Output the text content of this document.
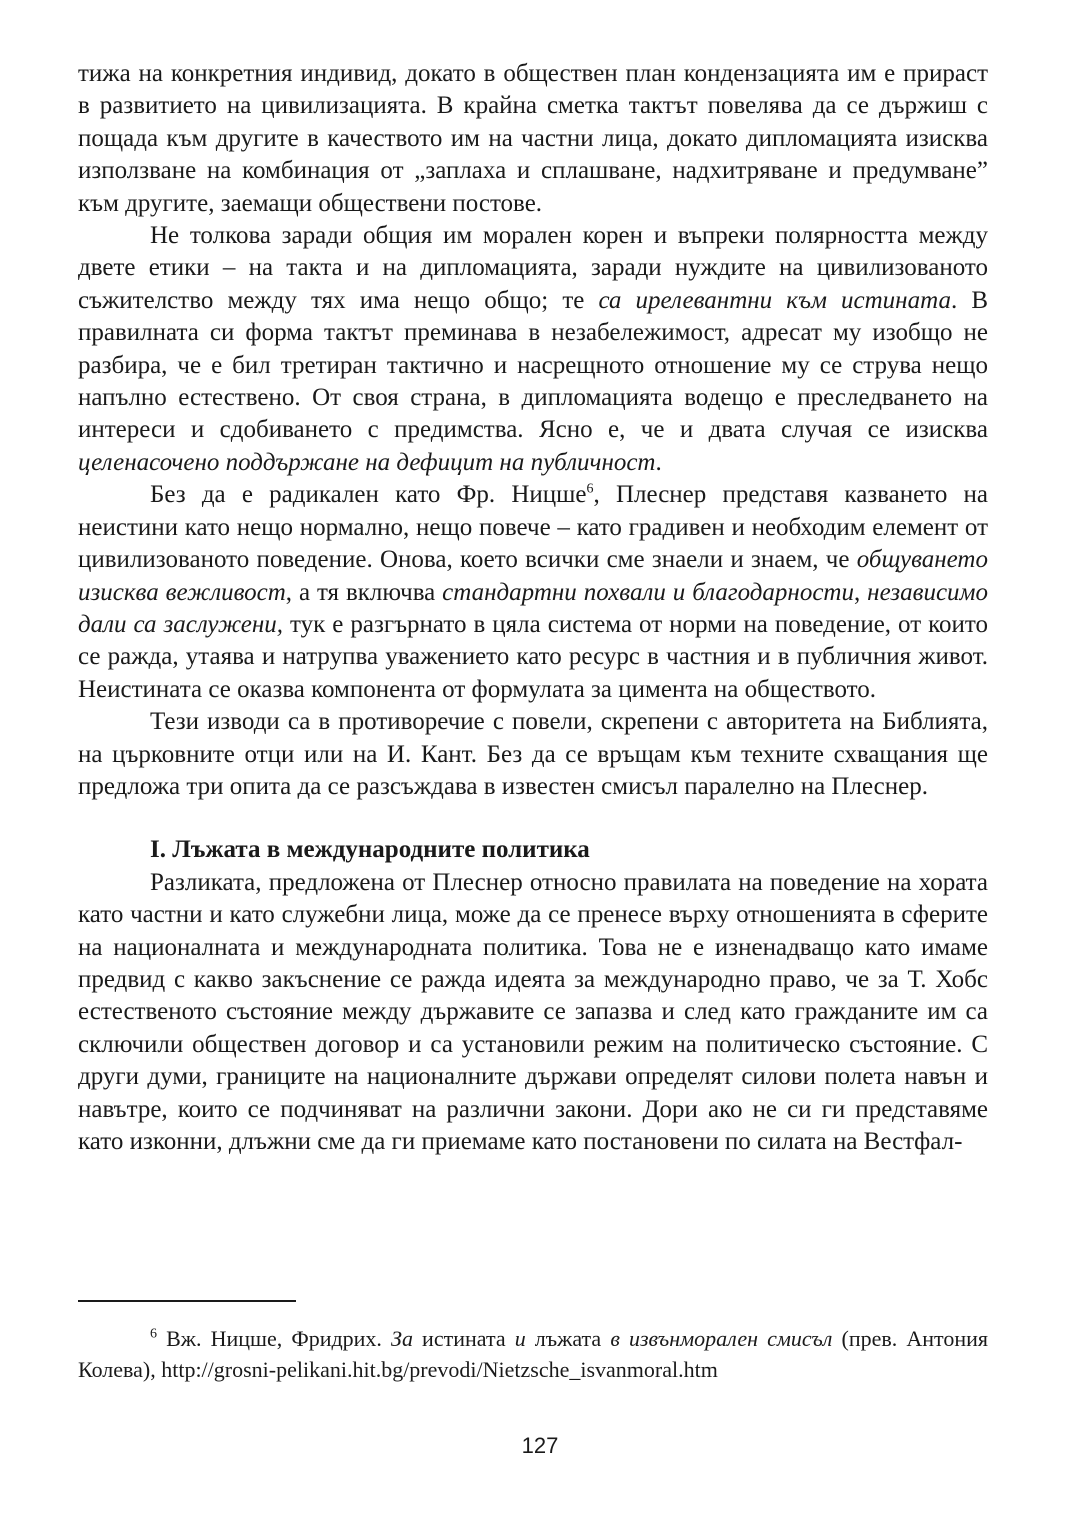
тижа на конкретния индивид, докато в обществен план кондензацията им е прираст в развитието на цивилизацията. В крайна сметка тактът повелява да се държиш с пощада към другите в качеството им на частни лица, докато дипломацията изисква използване на комбинация от „заплаха и сплашване, надхитряване и предумване” към другите, заемащи обществени постове.

Не толкова заради общия им морален корен и въпреки полярността между двете етики – на такта и на дипломацията, заради нуждите на цивилизованото съжителство между тях има нещо общо; те са ирелевантни към истината. В правилната си форма тактът преминава в незабележимост, адресат му изобщо не разбира, че е бил третиран тактично и насрещното отношение му се струва нещо напълно естествено. От своя страна, в дипломацията водещо е преследването на интереси и сдобиването с предимства. Ясно е, че и двата случая се изисква целенасочено поддържане на дефицит на публичност.

Без да е радикален като Фр. Ницше$^6$, Плеснер представя казването на неистини като нещо нормално, нещо повече – като градивен и необходим елемент от цивилизованото поведение. Онова, което всички сме знаели и знаем, че общуването изисква вежливост, а тя включва стандартни похвали и благодарности, независимо дали са заслужени, тук е разгърнато в цяла система от норми на поведение, от които се ражда, утаява и натрупва уважението като ресурс в частния и в публичния живот. Неистината се оказва компонента от формулата за цимента на обществото.

Тези изводи са в противоречие с повели, скрепени с авторитета на Библията, на църковните отци или на И. Кант. Без да се връщам към техните схващания ще предложа три опита да се разсъждава в известен смисъл паралелно на Плеснер.

I. Лъжата в международните политика

Разликата, предложена от Плеснер относно правилата на поведение на хората като частни и като служебни лица, може да се пренесе върху отношенията в сферите на националната и международната политика. Това не е изненадващо като имаме предвид с какво закъснение се ражда идеята за международно право, че за Т. Хобс естественото състояние между държавите се запазва и след като гражданите им са сключили обществен договор и са установили режим на политическо състояние. С други думи, границите на националните държави определят силови полета навън и навътре, които се подчиняват на различни закони. Дори ако не си ги представяме като изконни, длъжни сме да ги приемаме като постановени по силата на Вестфал-

$^6$ Вж. Ницше, Фридрих. За истината и лъжата в извънморален смисъл (прев. Антония Колева), http://grosni-pelikani.hit.bg/prevodi/Nietzsche_isvanmoral.htm

127
